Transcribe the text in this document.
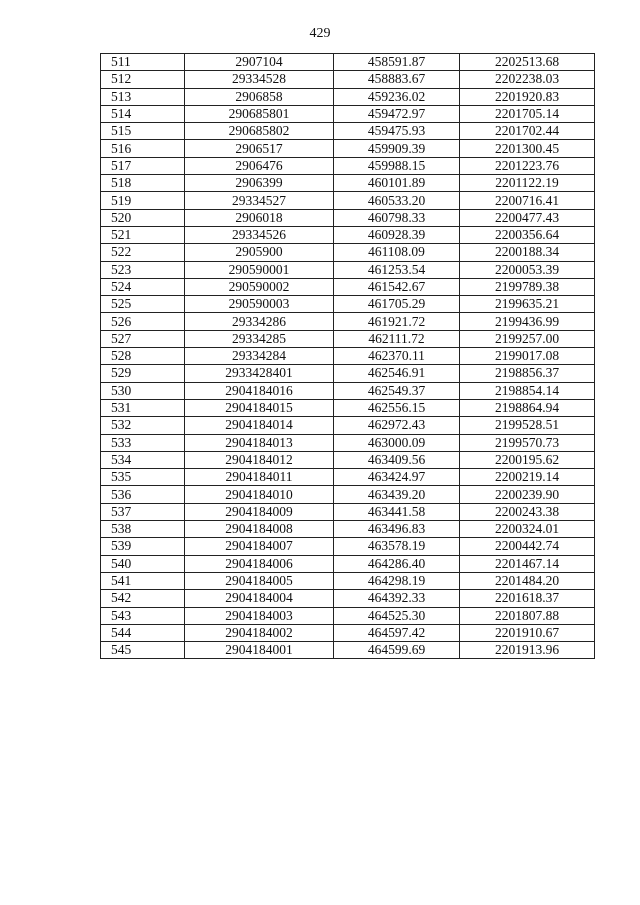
429
511	2907104	458591.87	2202513.68
512	29334528	458883.67	2202238.03
513	2906858	459236.02	2201920.83
514	290685801	459472.97	2201705.14
515	290685802	459475.93	2201702.44
516	2906517	459909.39	2201300.45
517	2906476	459988.15	2201223.76
518	2906399	460101.89	2201122.19
519	29334527	460533.20	2200716.41
520	2906018	460798.33	2200477.43
521	29334526	460928.39	2200356.64
522	2905900	461108.09	2200188.34
523	290590001	461253.54	2200053.39
524	290590002	461542.67	2199789.38
525	290590003	461705.29	2199635.21
526	29334286	461921.72	2199436.99
527	29334285	462111.72	2199257.00
528	29334284	462370.11	2199017.08
529	2933428401	462546.91	2198856.37
530	2904184016	462549.37	2198854.14
531	2904184015	462556.15	2198864.94
532	2904184014	462972.43	2199528.51
533	2904184013	463000.09	2199570.73
534	2904184012	463409.56	2200195.62
535	2904184011	463424.97	2200219.14
536	2904184010	463439.20	2200239.90
537	2904184009	463441.58	2200243.38
538	2904184008	463496.83	2200324.01
539	2904184007	463578.19	2200442.74
540	2904184006	464286.40	2201467.14
541	2904184005	464298.19	2201484.20
542	2904184004	464392.33	2201618.37
543	2904184003	464525.30	2201807.88
544	2904184002	464597.42	2201910.67
545	2904184001	464599.69	2201913.96
